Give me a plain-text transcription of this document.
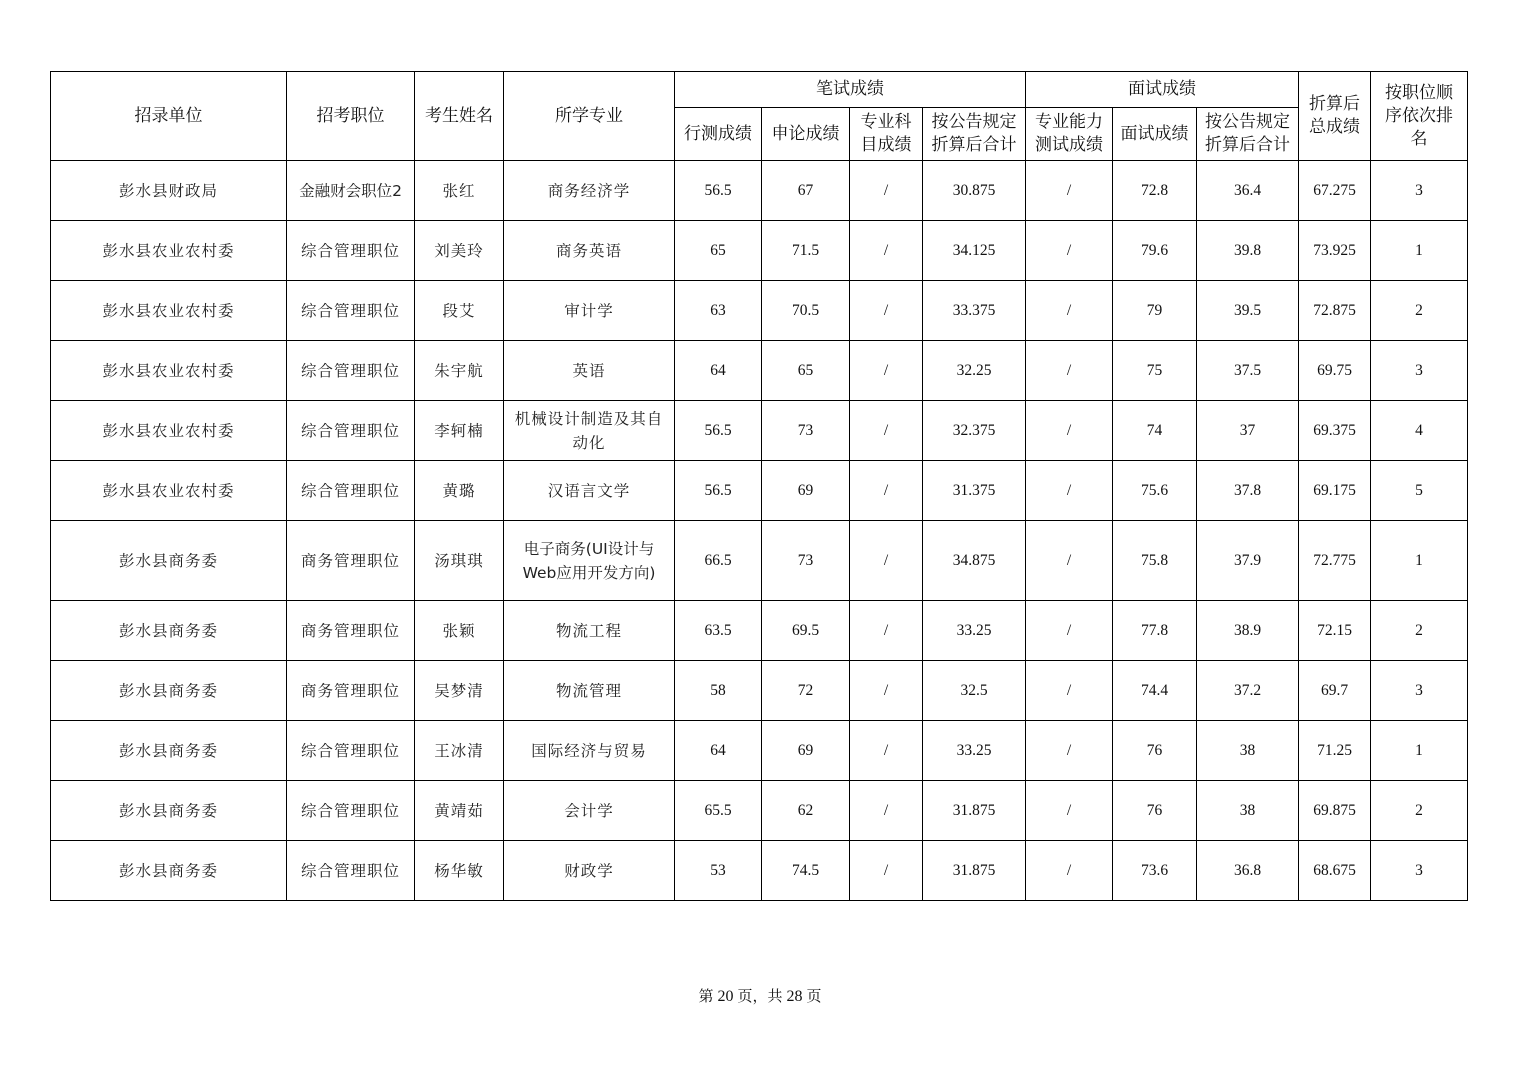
招录单位	招考职位	考生姓名	所学专业	笔试成绩				面试成绩			折算后总成绩	按职位顺序依次排名
				行测成绩	申论成绩	专业科目成绩	按公告规定折算后合计	专业能力测试成绩	面试成绩	按公告规定折算后合计		
彭水县财政局	金融财会职位2	张红	商务经济学	56.5	67	/	30.875	/	72.8	36.4	67.275	3
彭水县农业农村委	综合管理职位	刘美玲	商务英语	65	71.5	/	34.125	/	79.6	39.8	73.925	1
彭水县农业农村委	综合管理职位	段艾	审计学	63	70.5	/	33.375	/	79	39.5	72.875	2
彭水县农业农村委	综合管理职位	朱宇航	英语	64	65	/	32.25	/	75	37.5	69.75	3
彭水县农业农村委	综合管理职位	李轲楠	机械设计制造及其自动化	56.5	73	/	32.375	/	74	37	69.375	4
彭水县农业农村委	综合管理职位	黄璐	汉语言文学	56.5	69	/	31.375	/	75.6	37.8	69.175	5
彭水县商务委	商务管理职位	汤琪琪	电子商务(UI设计与Web应用开发方向)	66.5	73	/	34.875	/	75.8	37.9	72.775	1
彭水县商务委	商务管理职位	张颖	物流工程	63.5	69.5	/	33.25	/	77.8	38.9	72.15	2
彭水县商务委	商务管理职位	吴梦清	物流管理	58	72	/	32.5	/	74.4	37.2	69.7	3
彭水县商务委	综合管理职位	王冰清	国际经济与贸易	64	69	/	33.25	/	76	38	71.25	1
彭水县商务委	综合管理职位	黄靖茹	会计学	65.5	62	/	31.875	/	76	38	69.875	2
彭水县商务委	综合管理职位	杨华敏	财政学	53	74.5	/	31.875	/	73.6	36.8	68.675	3
第 20 页，共 28 页
